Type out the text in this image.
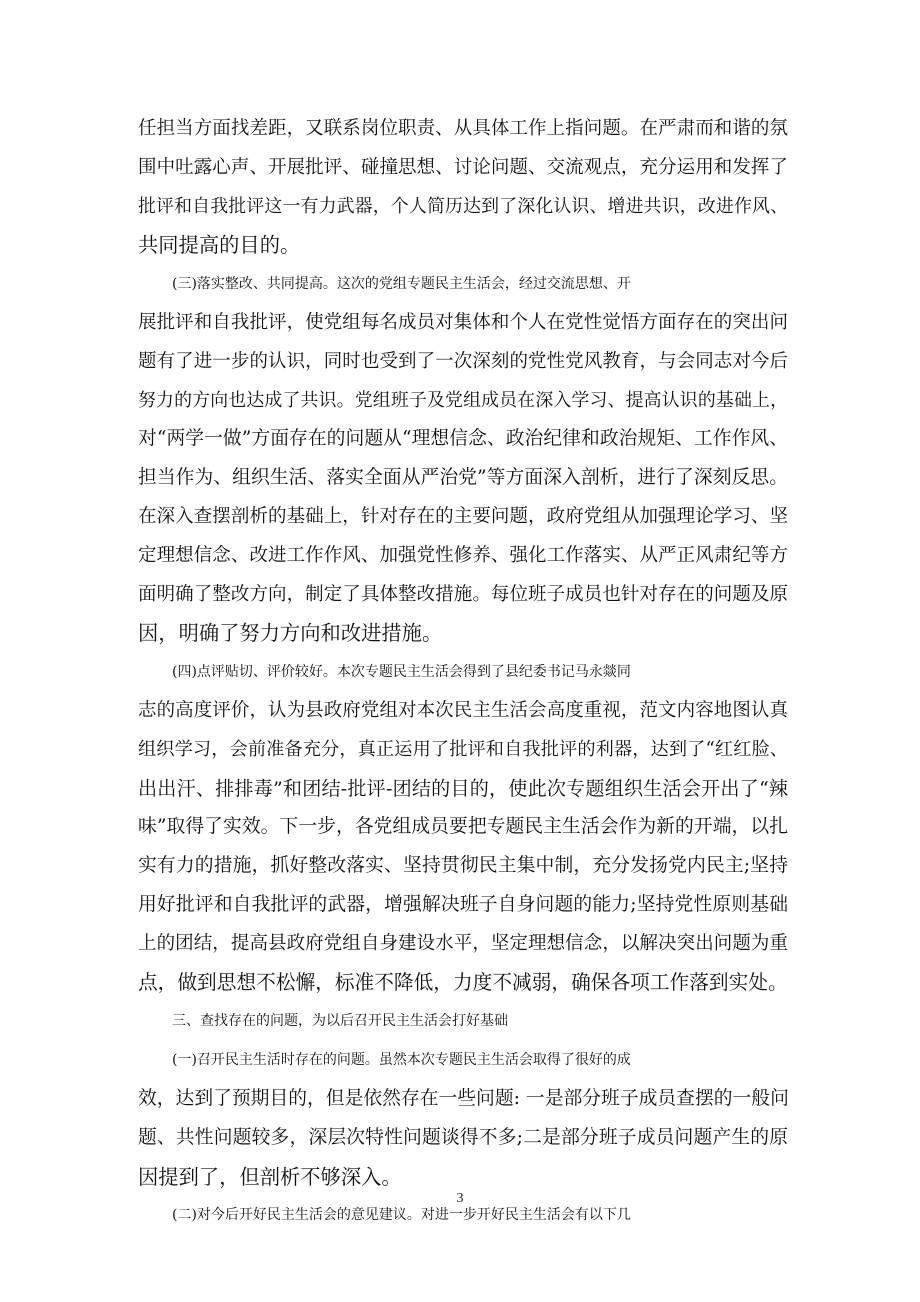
任担当方面找差距，又联系岗位职责、从具体工作上指问题。在严肃而和谐的氛
围中吐露心声、开展批评、碰撞思想、讨论问题、交流观点，充分运用和发挥了
批评和自我批评这一有力武器，个人简历达到了深化认识、增进共识，改进作风、
共同提高的目的。
(三)落实整改、共同提高。这次的党组专题民主生活会，经过交流思想、开
展批评和自我批评，使党组每名成员对集体和个人在党性觉悟方面存在的突出问
题有了进一步的认识，同时也受到了一次深刻的党性党风教育，与会同志对今后
努力的方向也达成了共识。党组班子及党组成员在深入学习、提高认识的基础上，
对“两学一做”方面存在的问题从“理想信念、政治纪律和政治规矩、工作作风、
担当作为、组织生活、落实全面从严治党”等方面深入剖析，进行了深刻反思。
在深入查摆剖析的基础上，针对存在的主要问题，政府党组从加强理论学习、坚
定理想信念、改进工作作风、加强党性修养、强化工作落实、从严正风肃纪等方
面明确了整改方向，制定了具体整改措施。每位班子成员也针对存在的问题及原
因，明确了努力方向和改进措施。
(四)点评贴切、评价较好。本次专题民主生活会得到了县纪委书记马永燚同
志的高度评价，认为县政府党组对本次民主生活会高度重视，范文内容地图认真
组织学习，会前准备充分，真正运用了批评和自我批评的利器，达到了“红红脸、
出出汗、排排毒”和团结-批评-团结的目的，使此次专题组织生活会开出了“辣
味”取得了实效。下一步，各党组成员要把专题民主生活会作为新的开端，以扎
实有力的措施，抓好整改落实、坚持贯彻民主集中制，充分发扬党内民主;坚持
用好批评和自我批评的武器，增强解决班子自身问题的能力;坚持党性原则基础
上的团结，提高县政府党组自身建设水平，坚定理想信念，以解决突出问题为重
点，做到思想不松懈，标准不降低，力度不减弱，确保各项工作落到实处。
三、查找存在的问题，为以后召开民主生活会打好基础
(一)召开民主生活时存在的问题。虽然本次专题民主生活会取得了很好的成
效，达到了预期目的，但是依然存在一些问题: 一是部分班子成员查摆的一般问
题、共性问题较多，深层次特性问题谈得不多;二是部分班子成员问题产生的原
因提到了，但剖析不够深入。
(二)对今后开好民主生活会的意见建议。对进一步开好民主生活会有以下几
3
